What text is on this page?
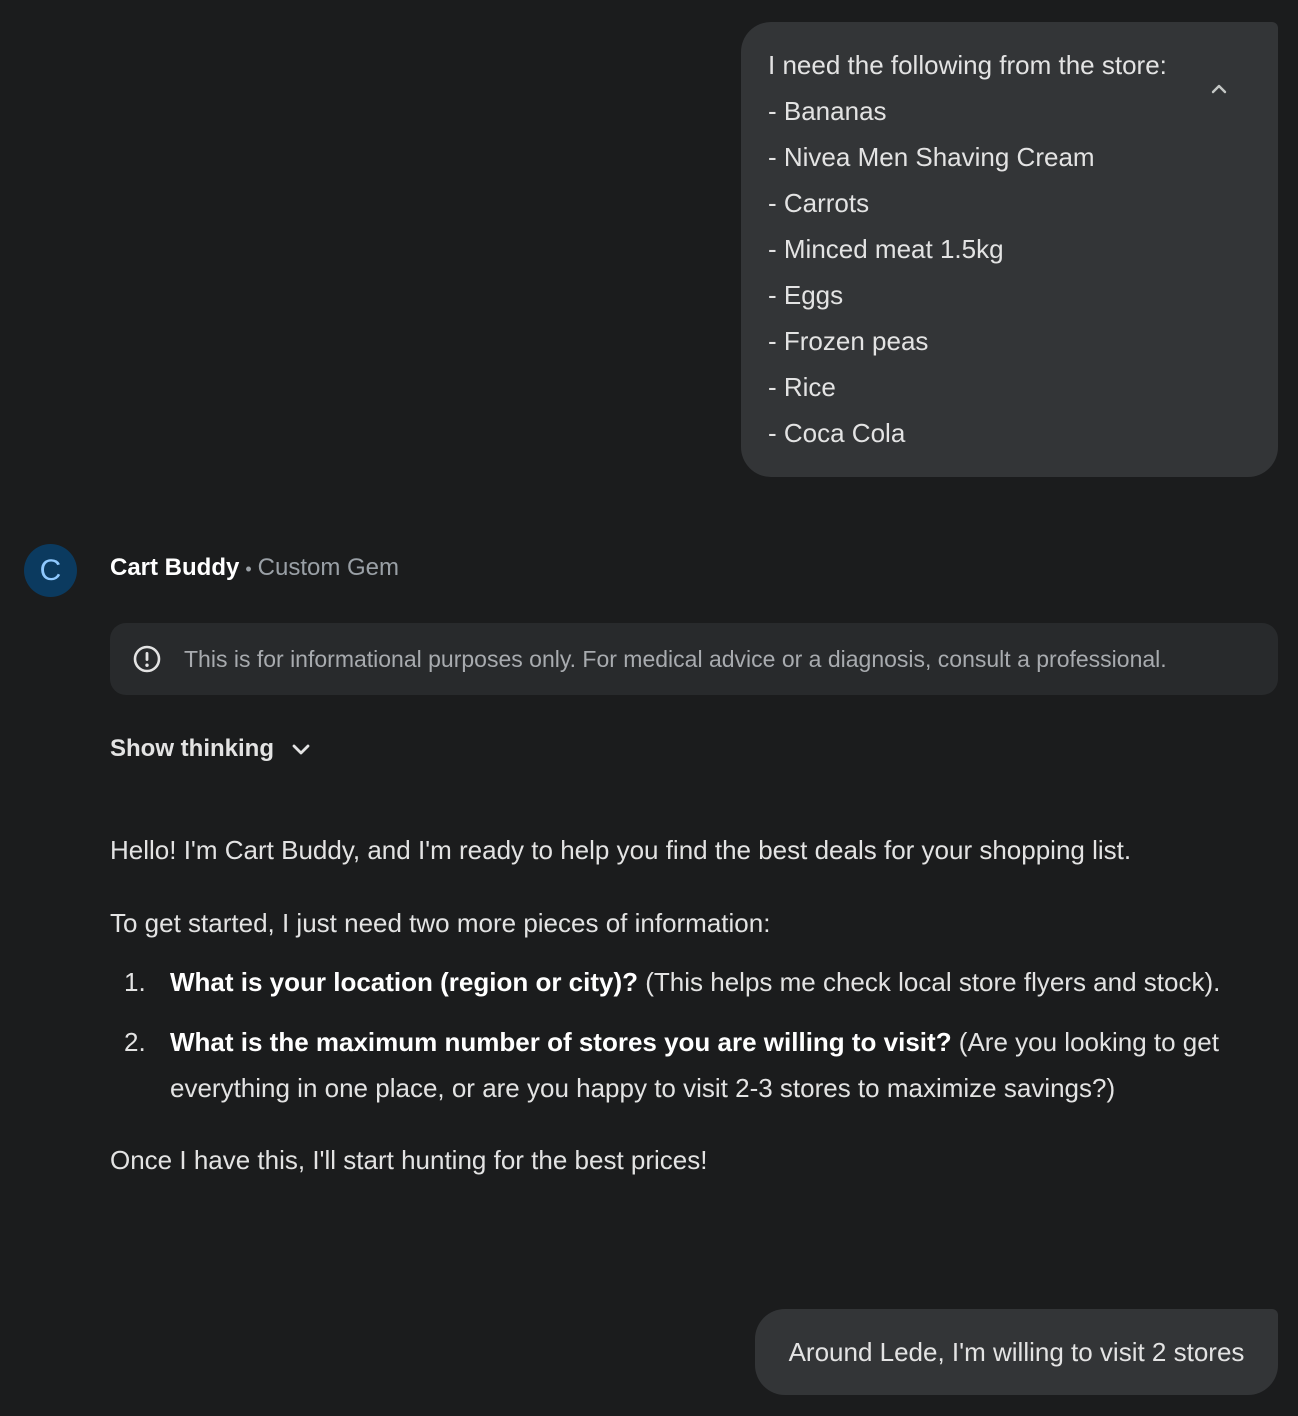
I need the following from the store:
- Bananas
- Nivea Men Shaving Cream
- Carrots
- Minced meat 1.5kg
- Eggs
- Frozen peas
- Rice
- Coca Cola
C	Cart Buddy • Custom Gem
This is for informational purposes only. For medical advice or a diagnosis, consult a professional.
Show thinking
Hello! I'm Cart Buddy, and I'm ready to help you find the best deals for your shopping list.
To get started, I just need two more pieces of information:
1. What is your location (region or city)? (This helps me check local store flyers and stock).
2. What is the maximum number of stores you are willing to visit? (Are you looking to get everything in one place, or are you happy to visit 2-3 stores to maximize savings?)
Once I have this, I'll start hunting for the best prices!
Around Lede, I'm willing to visit 2 stores
